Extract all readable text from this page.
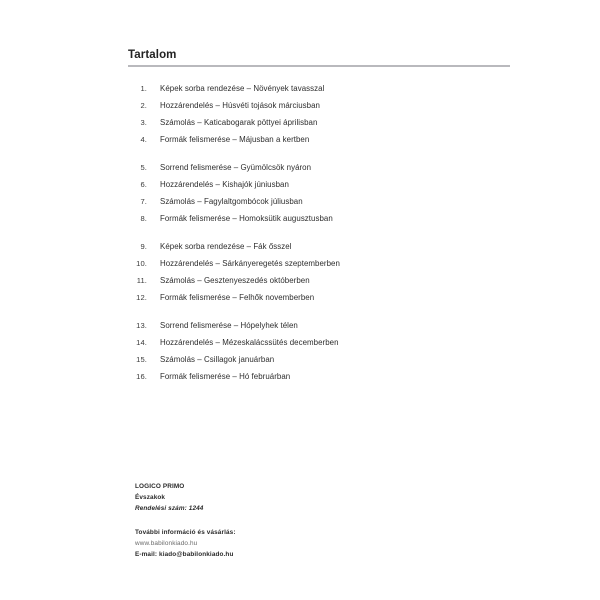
Tartalom
1. Képek sorba rendezése – Növények tavasszal
2. Hozzárendelés – Húsvéti tojások márciusban
3. Számolás – Katicabogarak pöttyei áprilisban
4. Formák felismerése – Májusban a kertben
5. Sorrend felismerése – Gyümölcsök nyáron
6. Hozzárendelés – Kishajók júniusban
7. Számolás – Fagylaltgombócok júliusban
8. Formák felismerése – Homoksütik augusztusban
9. Képek sorba rendezése – Fák ősszel
10. Hozzárendelés – Sárkányeregetés szeptemberben
11. Számolás – Gesztenyeszedés októberben
12. Formák felismerése – Felhők novemberben
13. Sorrend felismerése – Hópelyhek télen
14. Hozzárendelés – Mézeskalácssütés decemberben
15. Számolás – Csillagok januárban
16. Formák felismerése – Hó februárban
LOGICO PRIMO
Évszakok
Rendelési szám: 1244
További információ és vásárlás:
www.babilonkiado.hu
E-mail: kiado@babilonkiado.hu
